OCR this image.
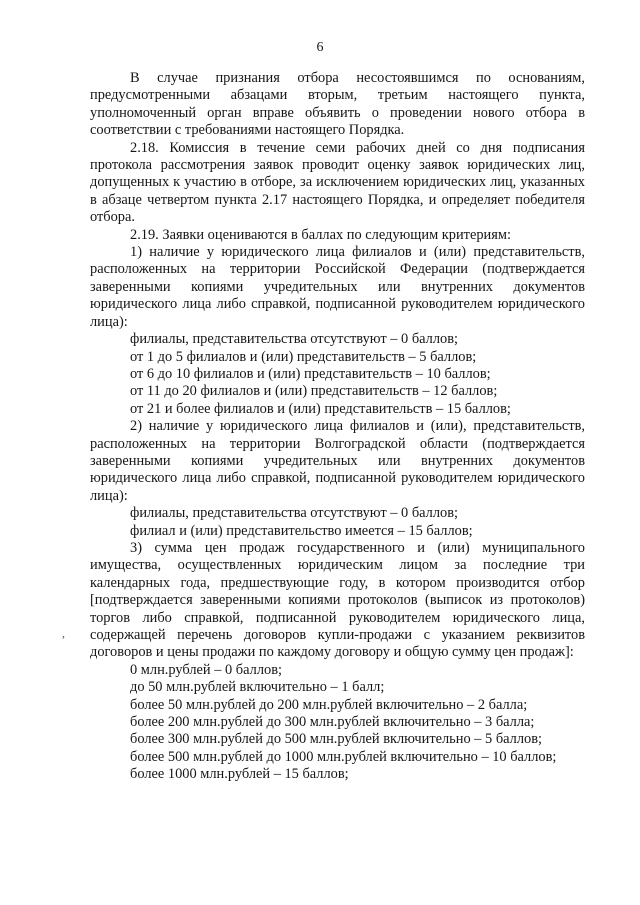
6

В случае признания отбора несостоявшимся по основаниям, предусмотренными абзацами вторым, третьим настоящего пункта, уполномоченный орган вправе объявить о проведении нового отбора в соответствии с требованиями настоящего Порядка.

2.18. Комиссия в течение семи рабочих дней со дня подписания протокола рассмотрения заявок проводит оценку заявок юридических лиц, допущенных к участию в отборе, за исключением юридических лиц, указанных в абзаце четвертом пункта 2.17 настоящего Порядка, и определяет победителя отбора.

2.19. Заявки оцениваются в баллах по следующим критериям:

1) наличие у юридического лица филиалов и (или) представительств, расположенных на территории Российской Федерации (подтверждается заверенными копиями учредительных или внутренних документов юридического лица либо справкой, подписанной руководителем юридического лица):

филиалы, представительства отсутствуют – 0 баллов;

от 1 до 5 филиалов и (или) представительств – 5 баллов;

от 6 до 10 филиалов и (или) представительств – 10 баллов;

от 11 до 20 филиалов и (или) представительств – 12 баллов;

от 21 и более филиалов и (или) представительств – 15 баллов;

2) наличие у юридического лица филиалов и (или), представительств, расположенных на территории Волгоградской области (подтверждается заверенными копиями учредительных или внутренних документов юридического лица либо справкой, подписанной руководителем юридического лица):

филиалы, представительства отсутствуют – 0 баллов;

филиал и (или) представительство имеется – 15 баллов;

3) сумма цен продаж государственного и (или) муниципального имущества, осуществленных юридическим лицом за последние три календарных года, предшествующие году, в котором производится отбор [подтверждается заверенными копиями протоколов (выписок из протоколов) торгов либо справкой, подписанной руководителем юридического лица, содержащей перечень договоров купли-продажи с указанием реквизитов договоров и цены продажи по каждому договору и общую сумму цен продаж]:

0 млн.рублей – 0 баллов;

до 50 млн.рублей включительно – 1 балл;

более 50 млн.рублей до 200 млн.рублей включительно – 2 балла;

более 200 млн.рублей до 300 млн.рублей включительно – 3 балла;

более 300 млн.рублей до 500 млн.рублей включительно – 5 баллов;

более 500 млн.рублей до 1000 млн.рублей включительно – 10 баллов;

более 1000 млн.рублей – 15 баллов;

,
